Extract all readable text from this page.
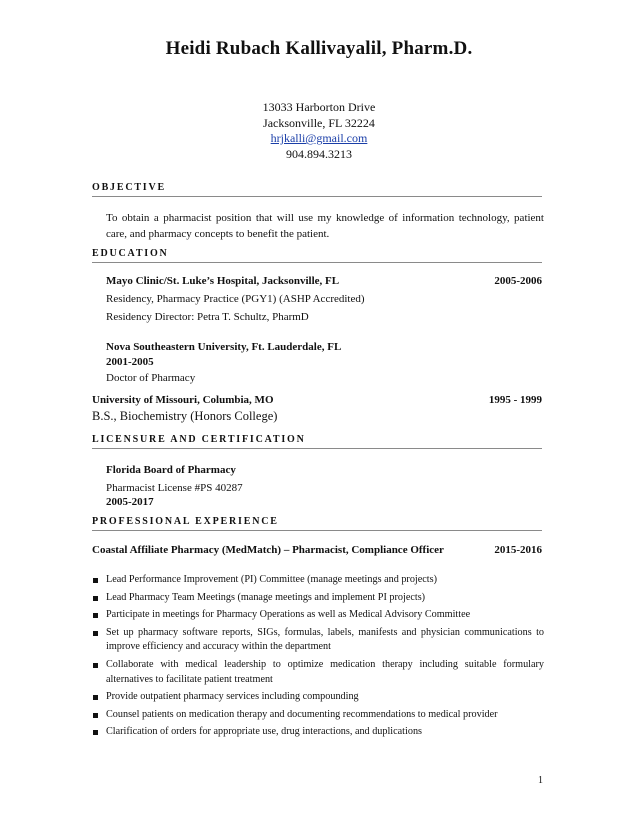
Heidi Rubach Kallivayalil, Pharm.D.
13033 Harborton Drive
Jacksonville, FL 32224
hrjkalli@gmail.com
904.894.3213
OBJECTIVE
To obtain a pharmacist position that will use my knowledge of information technology, patient care, and pharmacy concepts to benefit the patient.
EDUCATION
Mayo Clinic/St. Luke’s Hospital, Jacksonville, FL	2005-2006
Residency, Pharmacy Practice (PGY1) (ASHP Accredited)
Residency Director: Petra T. Schultz, PharmD
Nova Southeastern University, Ft. Lauderdale, FL
2001-2005
Doctor of Pharmacy
University of Missouri, Columbia, MO	1995 - 1999
B.S., Biochemistry (Honors College)
LICENSURE AND CERTIFICATION
Florida Board of Pharmacy
Pharmacist License #PS 40287
2005-2017
PROFESSIONAL EXPERIENCE
Coastal Affiliate Pharmacy (MedMatch) – Pharmacist, Compliance Officer	2015-2016
Lead Performance Improvement (PI) Committee (manage meetings and projects)
Lead Pharmacy Team Meetings (manage meetings and implement PI projects)
Participate in meetings for Pharmacy Operations as well as Medical Advisory Committee
Set up pharmacy software reports, SIGs, formulas, labels, manifests and physician communications to improve efficiency and accuracy within the department
Collaborate with medical leadership to optimize medication therapy including suitable formulary alternatives to facilitate patient treatment
Provide outpatient pharmacy services including compounding
Counsel patients on medication therapy and documenting recommendations to medical provider
Clarification of orders for appropriate use, drug interactions, and duplications
1
